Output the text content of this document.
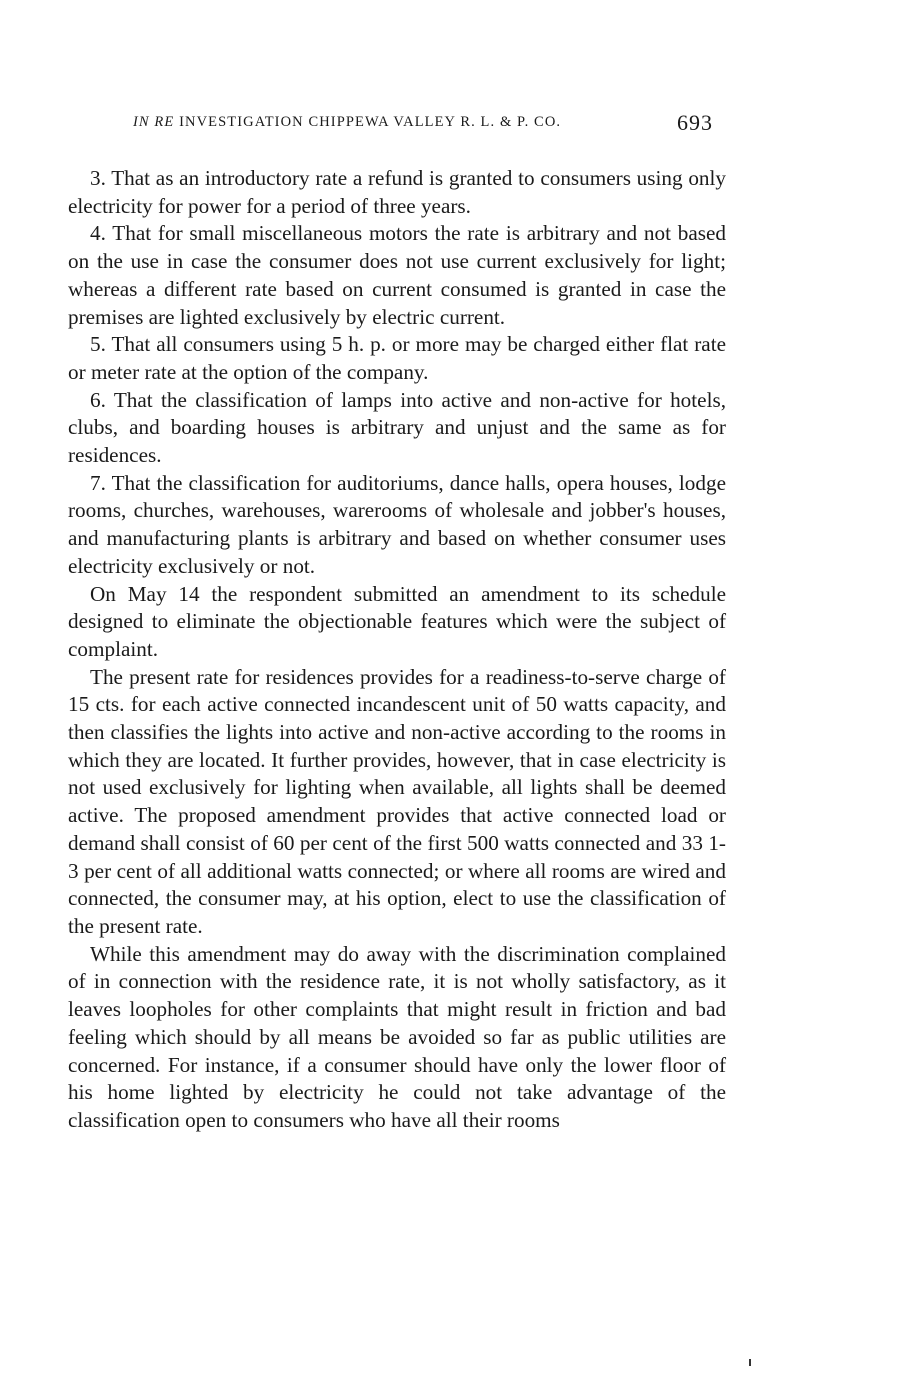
IN RE INVESTIGATION CHIPPEWA VALLEY R. L. & P. CO.	693

3. That as an introductory rate a refund is granted to consumers using only electricity for power for a period of three years.

4. That for small miscellaneous motors the rate is arbitrary and not based on the use in case the consumer does not use current exclusively for light; whereas a different rate based on current consumed is granted in case the premises are lighted exclusively by electric current.

5. That all consumers using 5 h. p. or more may be charged either flat rate or meter rate at the option of the company.

6. That the classification of lamps into active and non-active for hotels, clubs, and boarding houses is arbitrary and unjust and the same as for residences.

7. That the classification for auditoriums, dance halls, opera houses, lodge rooms, churches, warehouses, warerooms of wholesale and jobber's houses, and manufacturing plants is arbitrary and based on whether consumer uses electricity exclusively or not.

On May 14 the respondent submitted an amendment to its schedule designed to eliminate the objectionable features which were the subject of complaint.

The present rate for residences provides for a readiness-to-serve charge of 15 cts. for each active connected incandescent unit of 50 watts capacity, and then classifies the lights into active and non-active according to the rooms in which they are located. It further provides, however, that in case electricity is not used exclusively for lighting when available, all lights shall be deemed active. The proposed amendment provides that active connected load or demand shall consist of 60 per cent of the first 500 watts connected and 33 1-3 per cent of all additional watts connected; or where all rooms are wired and connected, the consumer may, at his option, elect to use the classification of the present rate.

While this amendment may do away with the discrimination complained of in connection with the residence rate, it is not wholly satisfactory, as it leaves loopholes for other complaints that might result in friction and bad feeling which should by all means be avoided so far as public utilities are concerned. For instance, if a consumer should have only the lower floor of his home lighted by electricity he could not take advantage of the classification open to consumers who have all their rooms
